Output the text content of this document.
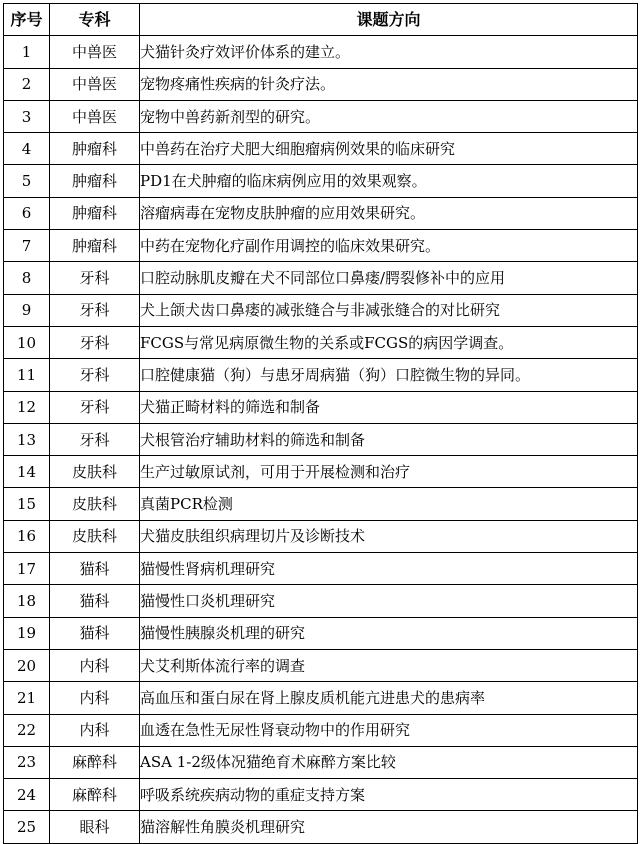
序号	专科	课题方向
1	中兽医	犬猫针灸疗效评价体系的建立。
2	中兽医	宠物疼痛性疾病的针灸疗法。
3	中兽医	宠物中兽药新剂型的研究。
4	肿瘤科	中兽药在治疗犬肥大细胞瘤病例效果的临床研究
5	肿瘤科	PD1在犬肿瘤的临床病例应用的效果观察。
6	肿瘤科	溶瘤病毒在宠物皮肤肿瘤的应用效果研究。
7	肿瘤科	中药在宠物化疗副作用调控的临床效果研究。
8	牙科	口腔动脉肌皮瓣在犬不同部位口鼻瘘/腭裂修补中的应用
9	牙科	犬上颌犬齿口鼻瘘的减张缝合与非减张缝合的对比研究
10	牙科	FCGS与常见病原微生物的关系或FCGS的病因学调查。
11	牙科	口腔健康猫（狗）与患牙周病猫（狗）口腔微生物的异同。
12	牙科	犬猫正畸材料的筛选和制备
13	牙科	犬根管治疗辅助材料的筛选和制备
14	皮肤科	生产过敏原试剂，可用于开展检测和治疗
15	皮肤科	真菌PCR检测
16	皮肤科	犬猫皮肤组织病理切片及诊断技术
17	猫科	猫慢性肾病机理研究
18	猫科	猫慢性口炎机理研究
19	猫科	猫慢性胰腺炎机理的研究
20	内科	犬艾利斯体流行率的调查
21	内科	高血压和蛋白尿在肾上腺皮质机能亢进患犬的患病率
22	内科	血透在急性无尿性肾衰动物中的作用研究
23	麻醉科	ASA 1-2级体况猫绝育术麻醉方案比较
24	麻醉科	呼吸系统疾病动物的重症支持方案
25	眼科	猫溶解性角膜炎机理研究
